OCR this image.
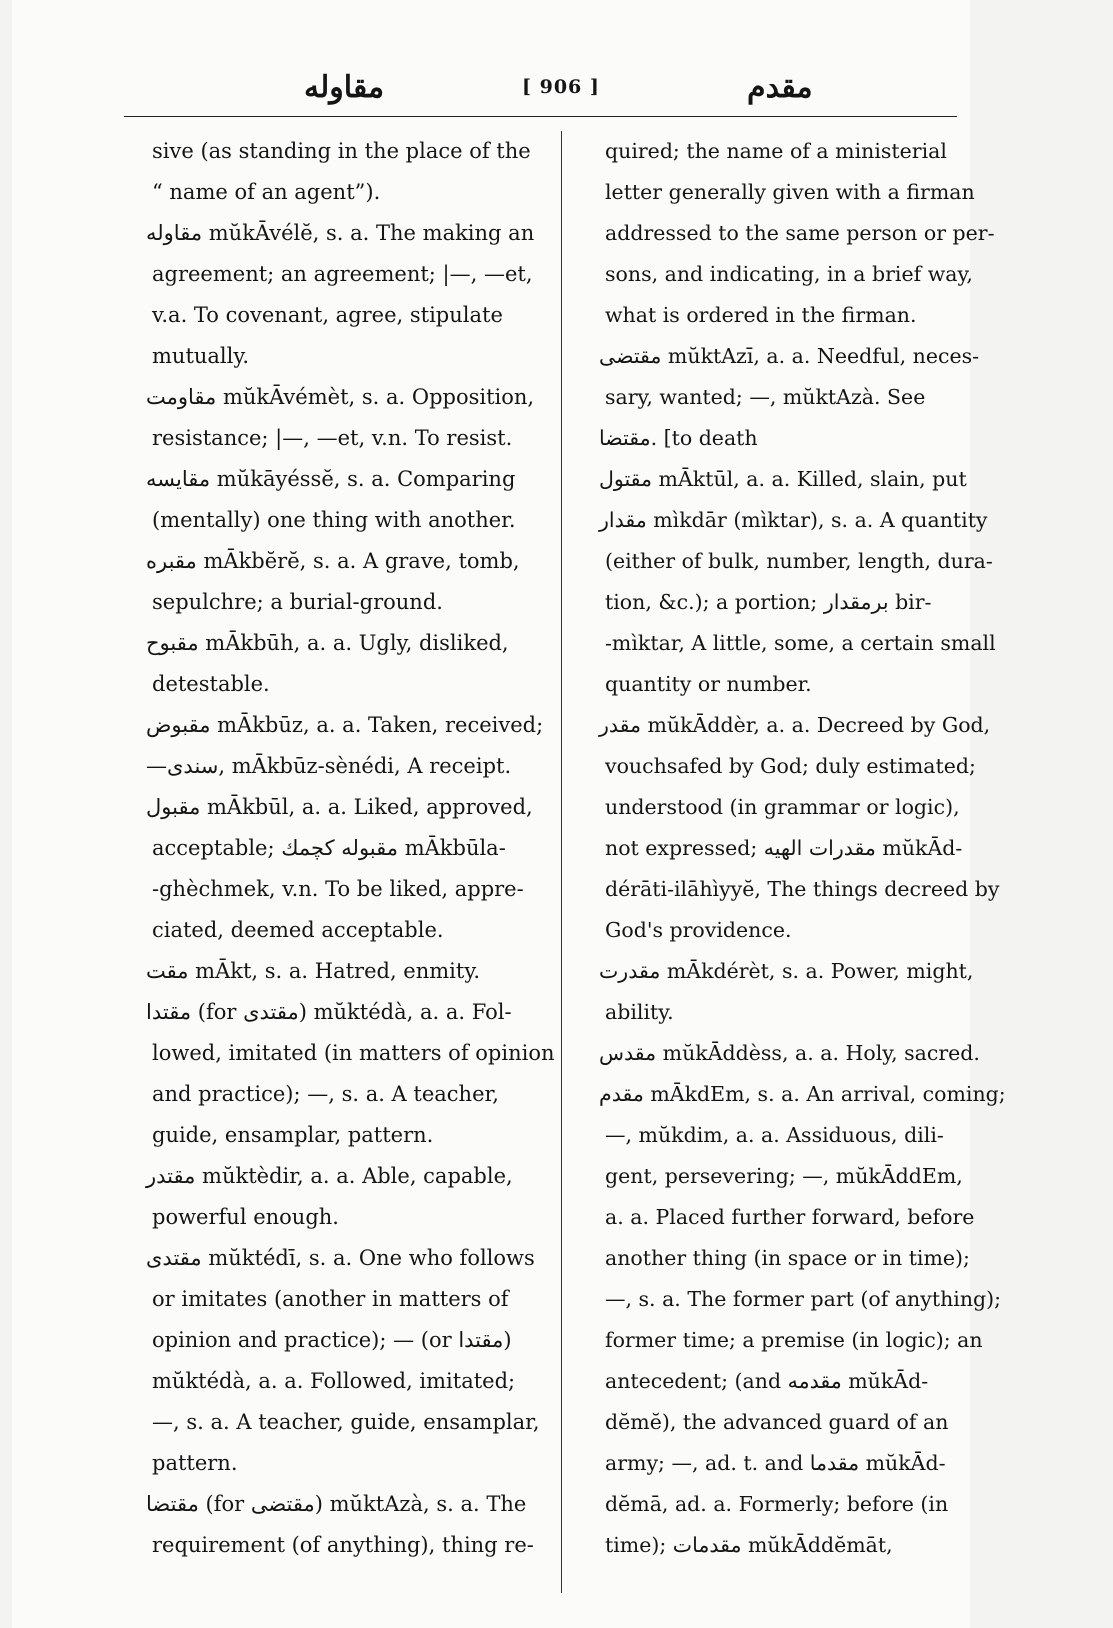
مقاوله	[ 906 ]	مقدم
sive (as standing in the place of the
“ name of an agent”).
مقاوله mŭkĀvélĕ, s. a. The making an
agreement; an agreement; |—, —et,
v.a. To covenant, agree, stipulate
mutually.
مقاومت mŭkĀvémèt, s. a. Opposition,
resistance; |—, —et, v.n. To resist.
مقايسه mŭkāyéssĕ, s. a. Comparing
(mentally) one thing with another.
مقبره mĀkbĕrĕ, s. a. A grave, tomb,
sepulchre; a burial-ground.
مقبوح mĀkbūh, a. a. Ugly, disliked,
detestable.
مقبوض mĀkbūz, a. a. Taken, received;
—سندى, mĀkbūz-sènédi, A receipt.
مقبول mĀkbūl, a. a. Liked, approved,
acceptable; مقبوله كچمك mĀkbūla-
-ghèchmek, v.n. To be liked, appre-
ciated, deemed acceptable.
مقت mĀkt, s. a. Hatred, enmity.
مقتدا (for مقتدى) mŭktédà, a. a. Fol-
lowed, imitated (in matters of opinion
and practice); —, s. a. A teacher,
guide, ensamplar, pattern.
مقتدر mŭktèdir, a. a. Able, capable,
powerful enough.
مقتدى mŭktédī, s. a. One who follows
or imitates (another in matters of
opinion and practice); — (or مقتدا)
mŭktédà, a. a. Followed, imitated;
—, s. a. A teacher, guide, ensamplar,
pattern.
مقتضا (for مقتضى) mŭktAzà, s. a. The
requirement (of anything), thing re-
quired; the name of a ministerial
letter generally given with a firman
addressed to the same person or per-
sons, and indicating, in a brief way,
what is ordered in the firman.
مقتضى mŭktAzī, a. a. Needful, neces-
sary, wanted; —, mŭktAzà. See
مقتضا. [to death
مقتول mĀktūl, a. a. Killed, slain, put
مقدار mìkdār (mìktar), s. a. A quantity
(either of bulk, number, length, dura-
tion, &c.); a portion; برمقدار bir-
-mìktar, A little, some, a certain small
quantity or number.
مقدر mŭkĀddèr, a. a. Decreed by God,
vouchsafed by God; duly estimated;
understood (in grammar or logic),
not expressed; مقدرات الهيه mŭkĀd-
dérāti-ilāhìyyĕ, The things decreed by
God's providence.
مقدرت mĀkdérèt, s. a. Power, might,
ability.
مقدس mŭkĀddèss, a. a. Holy, sacred.
مقدم mĀkdEm, s. a. An arrival, coming;
—, mŭkdim, a. a. Assiduous, dili-
gent, persevering; —, mŭkĀddEm,
a. a. Placed further forward, before
another thing (in space or in time);
—, s. a. The former part (of anything);
former time; a premise (in logic); an
antecedent; (and مقدمه mŭkĀd-
dĕmĕ), the advanced guard of an
army; —, ad. t. and مقدما mŭkĀd-
dĕmā, ad. a. Formerly; before (in
time); مقدمات mŭkĀddĕmāt,
